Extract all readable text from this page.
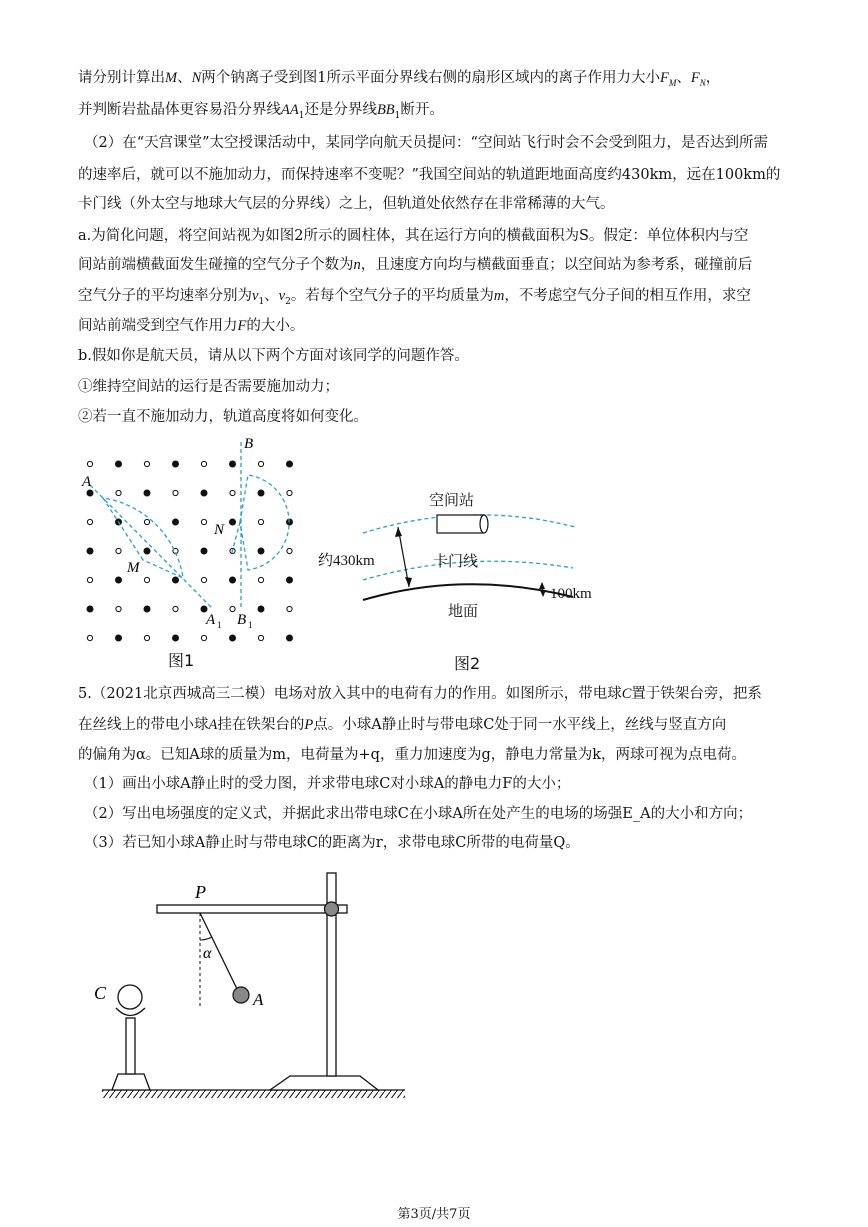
请分别计算出M、N两个钠离子受到图1所示平面分界线右侧的扇形区域内的离子作用力大小$F_M$、$F_N$，
并判断岩盐晶体更容易沿分界线$AA_1$还是分界线$BB_1$断开。
（2）在“天宫课堂”太空授课活动中，某同学向航天员提问：“空间站飞行时会不会受到阻力，是否达到所需
的速率后，就可以不施加动力，而保持速率不变呢？”我国空间站的轨道距地面高度约430km，远在100km的
卡门线（外太空与地球大气层的分界线）之上，但轨道处依然存在非常稀薄的大气。
a.为简化问题，将空间站视为如图2所示的圆柱体，其在运行方向的横截面积为S。假定：单位体积内与空
间站前端横截面发生碰撞的空气分子个数为n，且速度方向均与横截面垂直；以空间站为参考系，碰撞前后
空气分子的平均速率分别为$v_1$、$v_2$。若每个空气分子的平均质量为m，不考虑空气分子间的相互作用，求空
间站前端受到空气作用力F的大小。
b.假如你是航天员，请从以下两个方面对该同学的问题作答。
①维持空间站的运行是否需要施加动力；
②若一直不施加动力，轨道高度将如何变化。
A
B
M
N
A 1 B 1
图1
空间站
卡门线
地面
约430km
100km
图2
5.（2021北京西城高三二模）电场对放入其中的电荷有力的作用。如图所示，带电球C置于铁架台旁，把系
在丝线上的带电小球A挂在铁架台的P点。小球A静止时与带电球C处于同一水平线上，丝线与竖直方向
的偏角为α。已知A球的质量为m，电荷量为+q，重力加速度为g，静电力常量为k，两球可视为点电荷。
（1）画出小球A静止时的受力图，并求带电球C对小球A的静电力F的大小；
（2）写出电场强度的定义式，并据此求出带电球C在小球A所在处产生的电场的场强E_A的大小和方向；
（3）若已知小球A静止时与带电球C的距离为r，求带电球C所带的电荷量Q。
P
α
A
C
第3页/共7页
